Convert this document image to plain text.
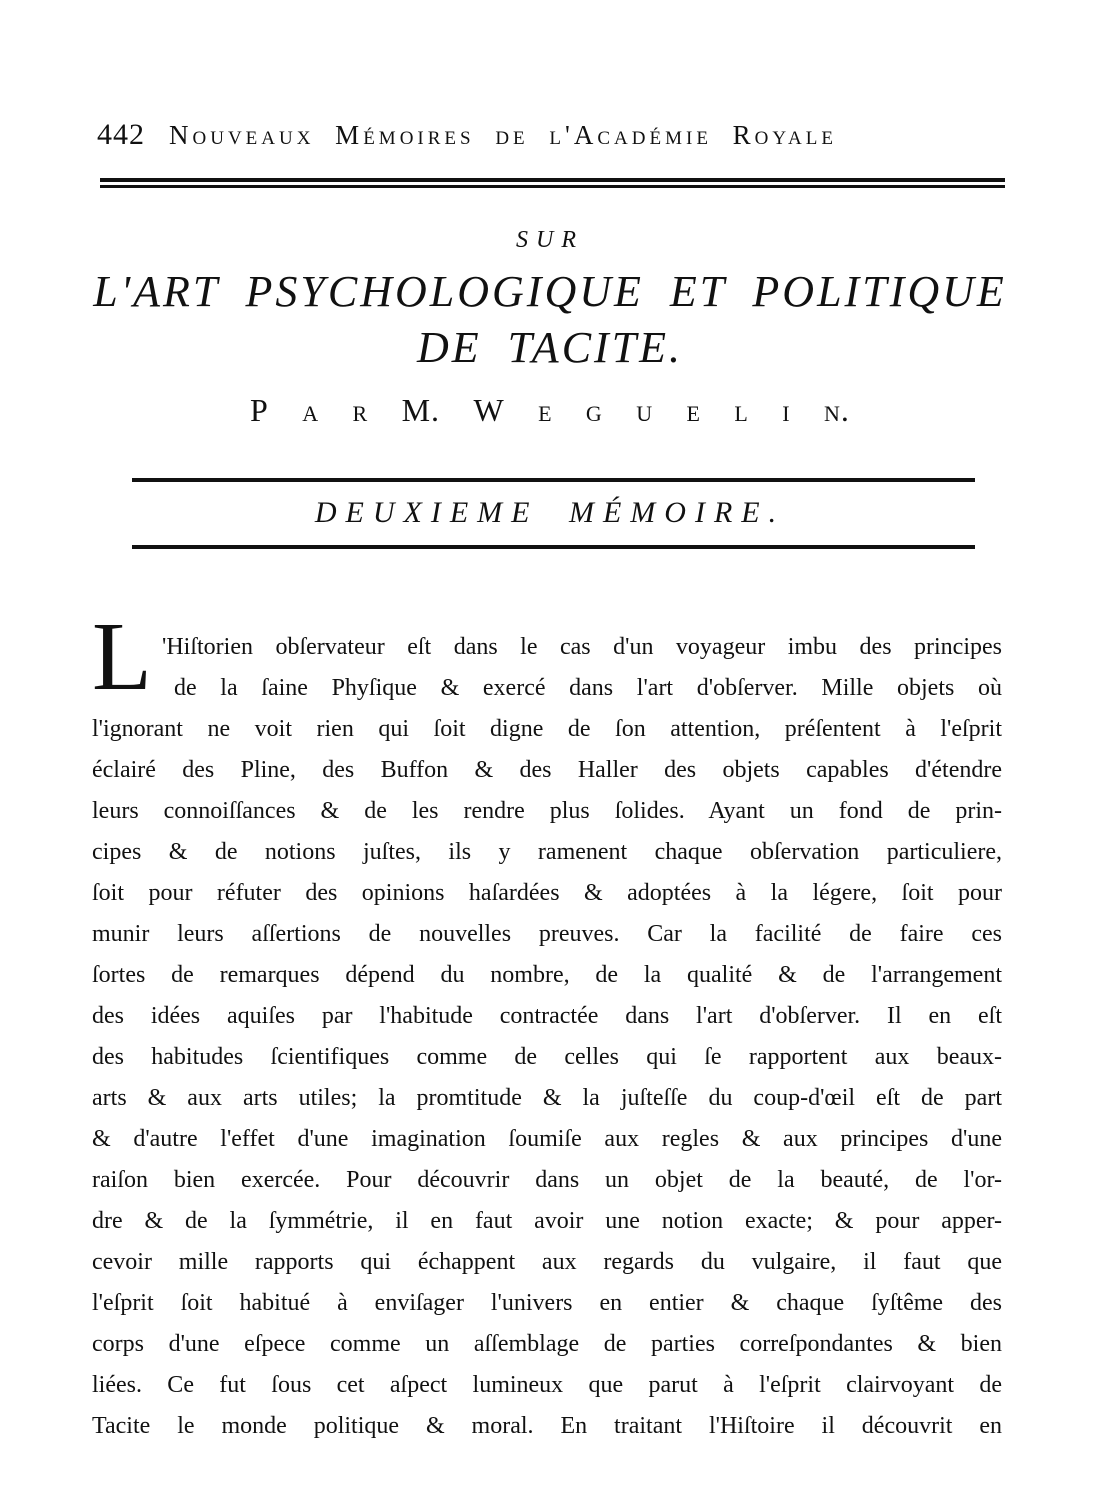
442 Nouveaux Mémoires de l'Académie Royale
SUR
L'ART PSYCHOLOGIQUE ET POLITIQUE
DE TACITE.
P a r M. W e g u e l i n.
DEUXIEME MÉMOIRE.
L 'Hiſtorien obſervateur eſt dans le cas d'un voyageur imbu des principes
de la ſaine Phyſique & exercé dans l'art d'obſerver. Mille objets où
l'ignorant ne voit rien qui ſoit digne de ſon attention, préſentent à l'eſprit
éclairé des Pline, des Buffon & des Haller des objets capables d'étendre
leurs connoiſſances & de les rendre plus ſolides. Ayant un fond de prin-
cipes & de notions juſtes, ils y ramenent chaque obſervation particuliere,
ſoit pour réfuter des opinions haſardées & adoptées à la légere, ſoit pour
munir leurs aſſertions de nouvelles preuves. Car la facilité de faire ces
ſortes de remarques dépend du nombre, de la qualité & de l'arrangement
des idées aquiſes par l'habitude contractée dans l'art d'obſerver. Il en eſt
des habitudes ſcientifiques comme de celles qui ſe rapportent aux beaux-
arts & aux arts utiles; la promtitude & la juſteſſe du coup-d'œil eſt de part
& d'autre l'effet d'une imagination ſoumiſe aux regles & aux principes d'une
raiſon bien exercée. Pour découvrir dans un objet de la beauté, de l'or-
dre & de la ſymmétrie, il en faut avoir une notion exacte; & pour apper-
cevoir mille rapports qui échappent aux regards du vulgaire, il faut que
l'eſprit ſoit habitué à enviſager l'univers en entier & chaque ſyſtême des
corps d'une eſpece comme un aſſemblage de parties correſpondantes & bien
liées. Ce fut ſous cet aſpect lumineux que parut à l'eſprit clairvoyant de
Tacite le monde politique & moral. En traitant l'Hiſtoire il découvrit en
